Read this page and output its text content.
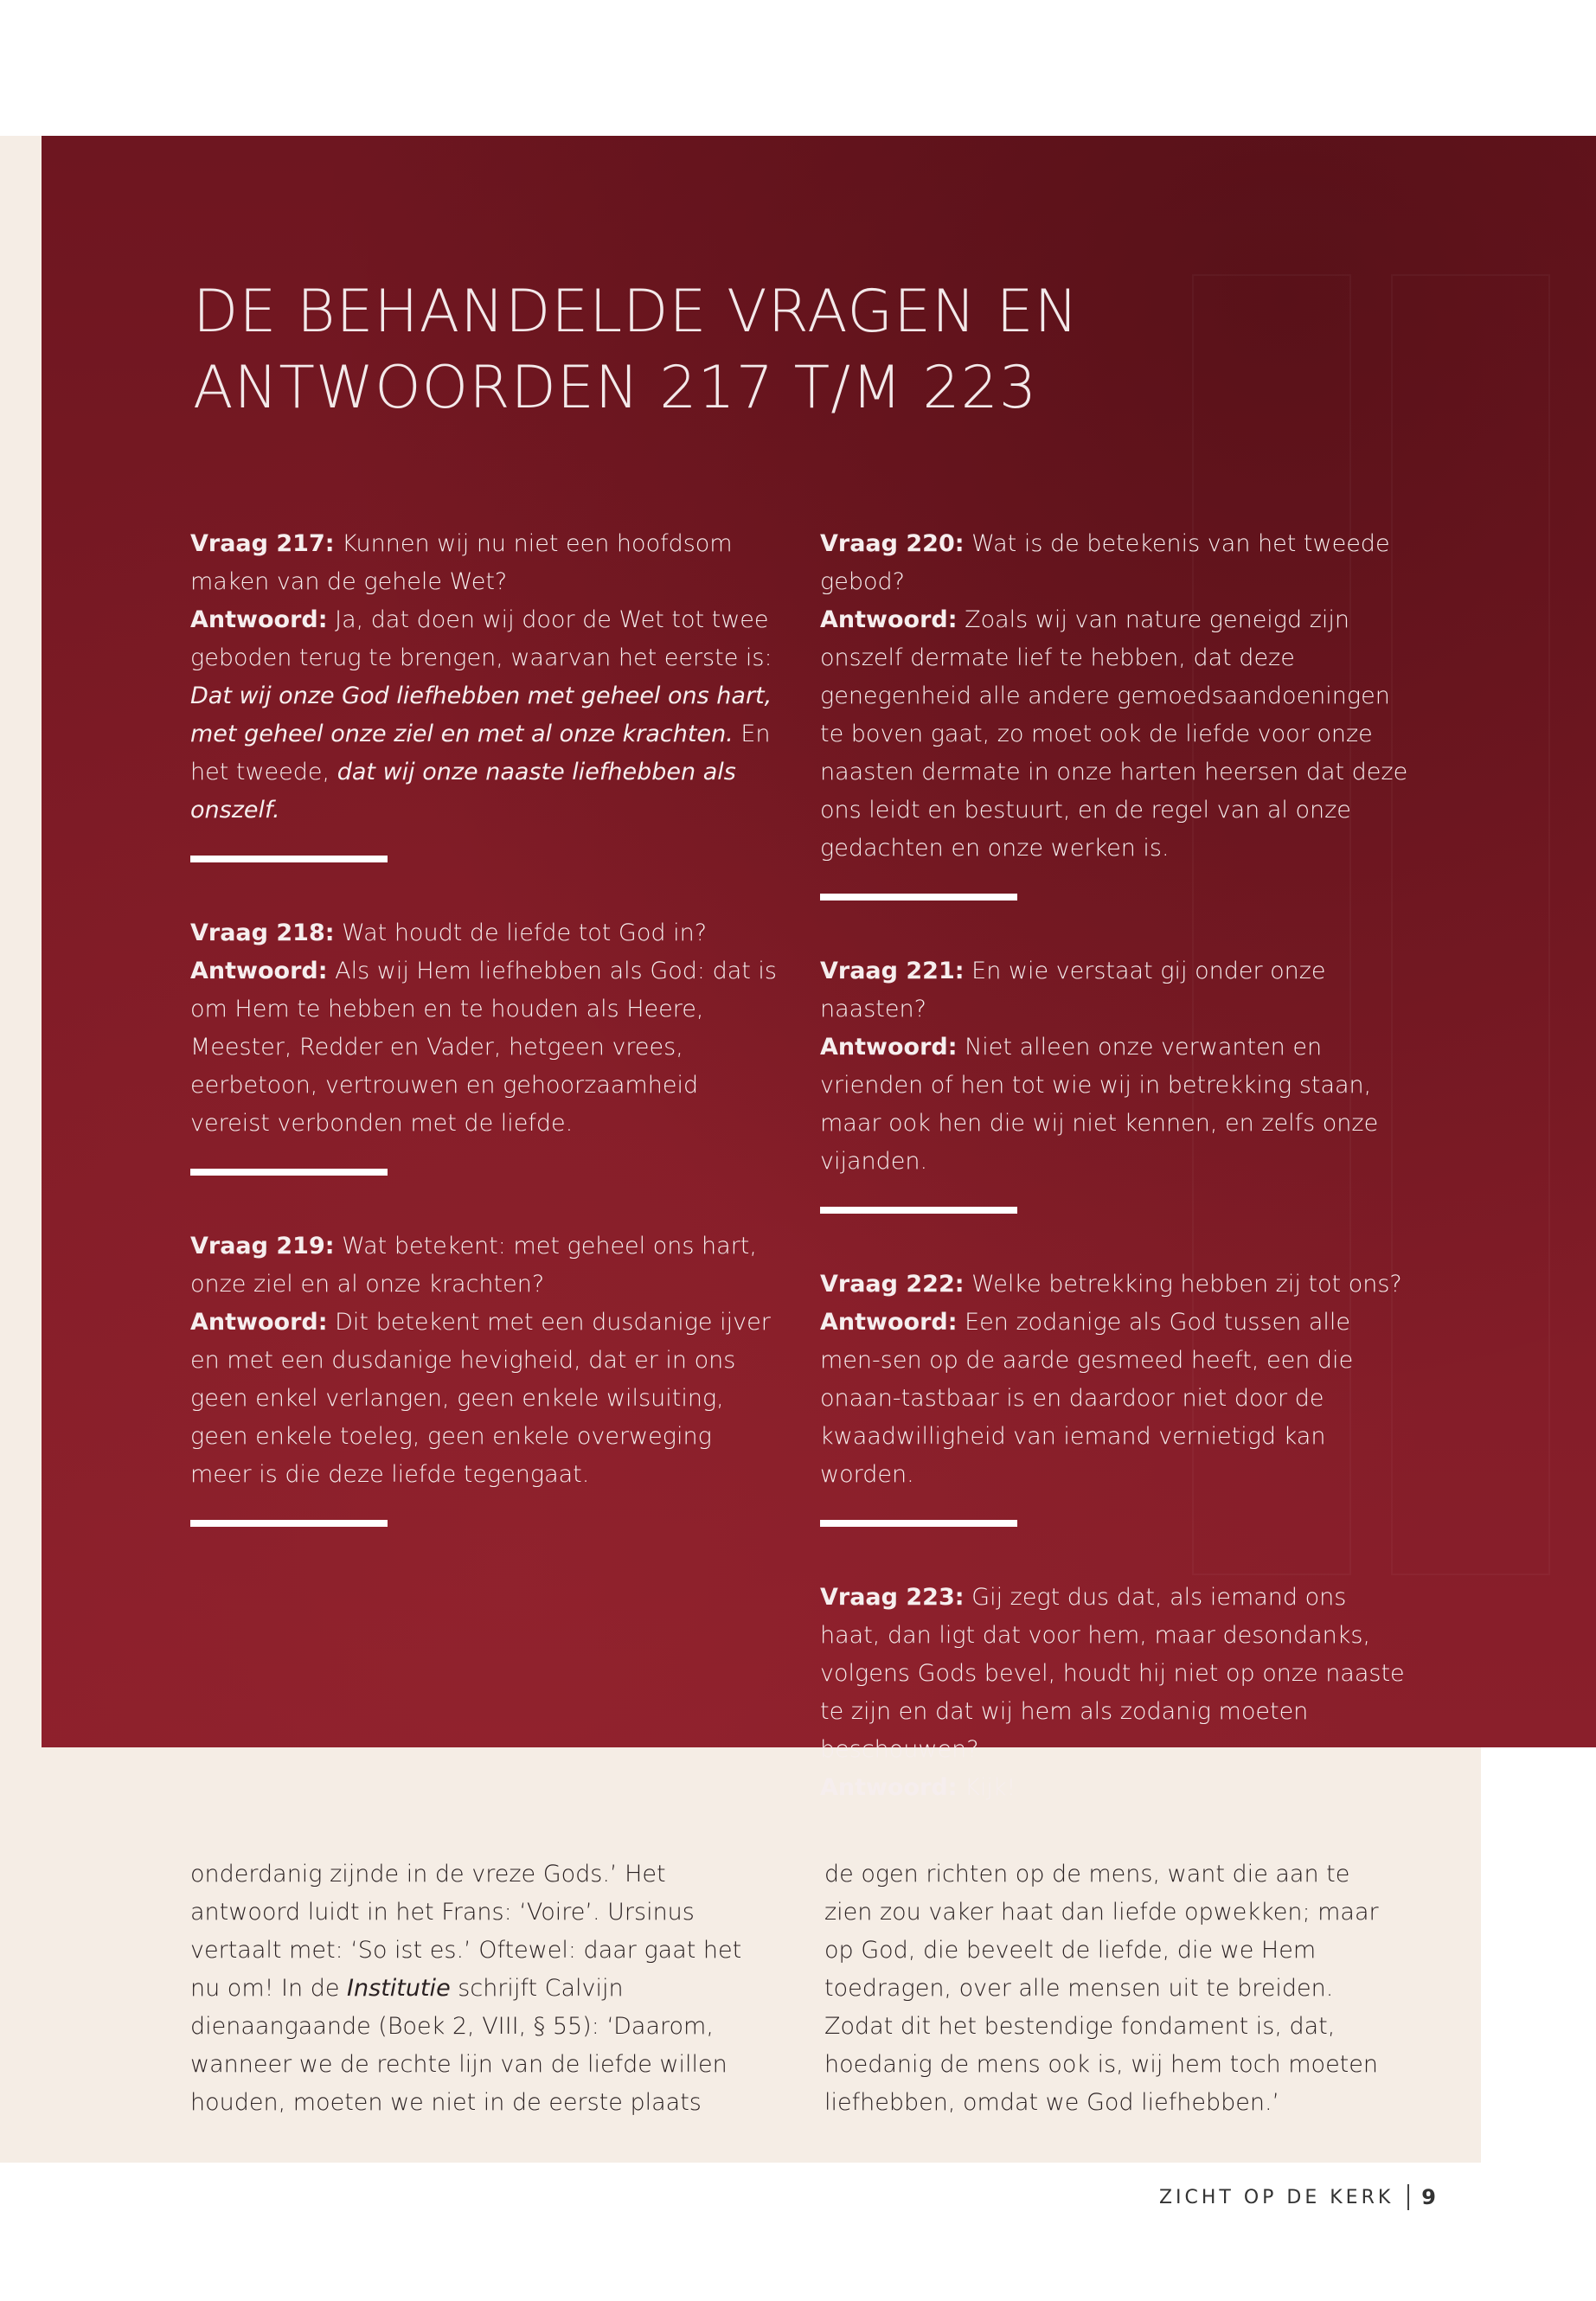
DE BEHANDELDE VRAGEN EN
ANTWOORDEN 217 T/M 223

Vraag 217: Kunnen wij nu niet een hoofdsom maken van de gehele Wet?
Antwoord: Ja, dat doen wij door de Wet tot twee geboden terug te brengen, waarvan het eerste is: Dat wij onze God liefhebben met geheel ons hart, met geheel onze ziel en met al onze krachten. En het tweede, dat wij onze naaste liefhebben als onszelf.

Vraag 218: Wat houdt de liefde tot God in?
Antwoord: Als wij Hem liefhebben als God: dat is om Hem te hebben en te houden als Heere, Meester, Redder en Vader, hetgeen vrees, eerbetoon, vertrouwen en gehoorzaamheid vereist verbonden met de liefde.

Vraag 219: Wat betekent: met geheel ons hart, onze ziel en al onze krachten?
Antwoord: Dit betekent met een dusdanige ijver en met een dusdanige hevigheid, dat er in ons geen enkel verlangen, geen enkele wilsuiting, geen enkele toeleg, geen enkele overweging meer is die deze liefde tegengaat.

Vraag 220: Wat is de betekenis van het tweede gebod?
Antwoord: Zoals wij van nature geneigd zijn onszelf dermate lief te hebben, dat deze genegenheid alle andere gemoedsaandoeningen te boven gaat, zo moet ook de liefde voor onze naasten dermate in onze harten heersen dat deze ons leidt en bestuurt, en de regel van al onze gedachten en onze werken is.

Vraag 221: En wie verstaat gij onder onze naasten?
Antwoord: Niet alleen onze verwanten en vrienden of hen tot wie wij in betrekking staan, maar ook hen die wij niet kennen, en zelfs onze vijanden.

Vraag 222: Welke betrekking hebben zij tot ons?
Antwoord: Een zodanige als God tussen alle men-sen op de aarde gesmeed heeft, een die onaan-tastbaar is en daardoor niet door de kwaadwilligheid van iemand vernietigd kan worden.

Vraag 223: Gij zegt dus dat, als iemand ons haat, dan ligt dat voor hem, maar desondanks, volgens Gods bevel, houdt hij niet op onze naaste te zijn en dat wij hem als zodanig moeten beschouwen?
Antwoord: Kijk!

onderdanig zijnde in de vreze Gods.’ Het antwoord luidt in het Frans: ‘Voire’. Ursinus vertaalt met: ‘So ist es.’ Oftewel: daar gaat het nu om! In de Institutie schrijft Calvijn dienaangaande (Boek 2, VIII, § 55): ‘Daarom, wanneer we de rechte lijn van de liefde willen houden, moeten we niet in de eerste plaats

de ogen richten op de mens, want die aan te zien zou vaker haat dan liefde opwekken; maar op God, die beveelt de liefde, die we Hem toedragen, over alle mensen uit te breiden. Zodat dit het bestendige fondament is, dat, hoedanig de mens ook is, wij hem toch moeten liefhebben, omdat we God liefhebben.’

ZICHT OP DE KERK 9
